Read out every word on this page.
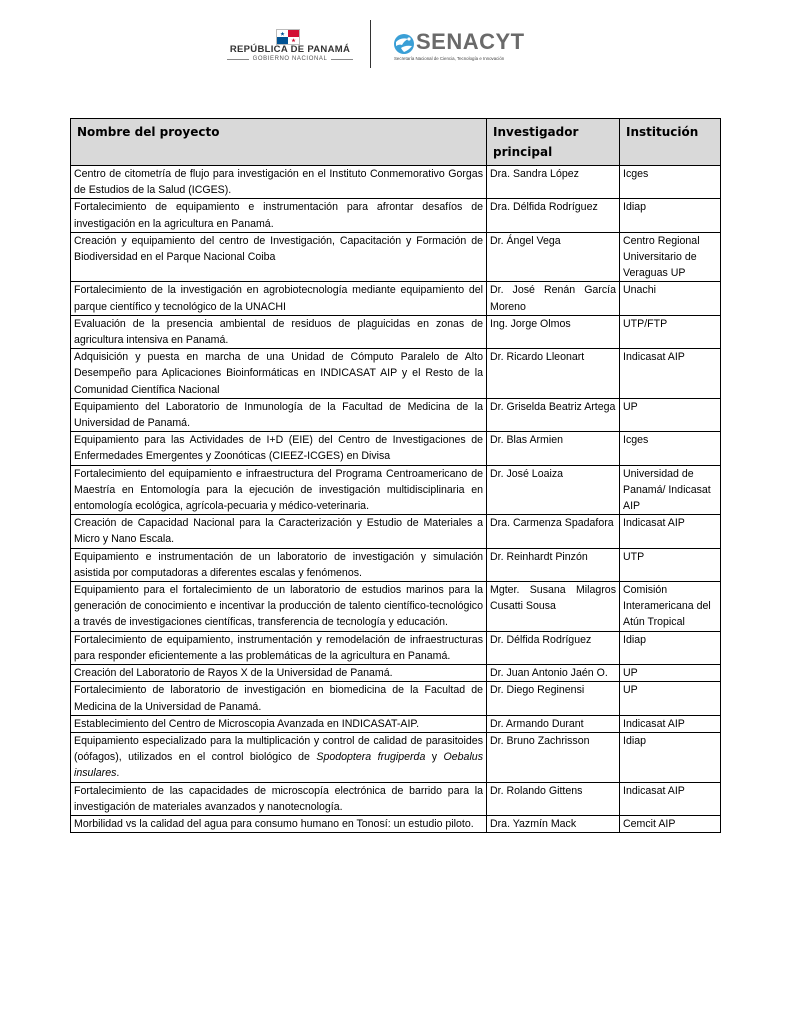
REPÚBLICA DE PANAMÁ
GOBIERNO NACIONAL
SENACYT
Secretaría Nacional de Ciencia, Tecnología e Innovación
Nombre del proyecto	Investigador principal	Institución
Centro de citometría de flujo para investigación en el Instituto Conmemorativo Gorgas de Estudios de la Salud (ICGES).	Dra. Sandra López	Icges
Fortalecimiento de equipamiento e instrumentación para afrontar desafíos de investigación en la agricultura en Panamá.	Dra. Délfida Rodríguez	Idiap
Creación y equipamiento del centro de Investigación, Capacitación y Formación de Biodiversidad en el Parque Nacional Coiba	Dr. Ángel Vega	Centro Regional Universitario de Veraguas UP
Fortalecimiento de la investigación en agrobiotecnología mediante equipamiento del parque científico y tecnológico de la UNACHI	Dr. José Renán García Moreno	Unachi
Evaluación de la presencia ambiental de residuos de plaguicidas en zonas de agricultura intensiva en Panamá.	Ing. Jorge Olmos	UTP/FTP
Adquisición y puesta en marcha de una Unidad de Cómputo Paralelo de Alto Desempeño para Aplicaciones Bioinformáticas en INDICASAT AIP y el Resto de la Comunidad Científica Nacional	Dr. Ricardo Lleonart	Indicasat AIP
Equipamiento del Laboratorio de Inmunología de la Facultad de Medicina de la Universidad de Panamá.	Dr. Griselda Beatriz Artega	UP
Equipamiento para las Actividades de I+D (EIE) del Centro de Investigaciones de Enfermedades Emergentes y Zoonóticas (CIEEZ-ICGES) en Divisa	Dr. Blas Armien	Icges
Fortalecimiento del equipamiento e infraestructura del Programa Centroamericano de Maestría en Entomología para la ejecución de investigación multidisciplinaria en entomología ecológica, agrícola-pecuaria y médico-veterinaria.	Dr. José Loaiza	Universidad de Panamá/ Indicasat AIP
Creación de Capacidad Nacional para la Caracterización y Estudio de Materiales a Micro y Nano Escala.	Dra. Carmenza Spadafora	Indicasat AIP
Equipamiento e instrumentación de un laboratorio de investigación y simulación asistida por computadoras a diferentes escalas y fenómenos.	Dr. Reinhardt Pinzón	UTP
Equipamiento para el fortalecimiento de un laboratorio de estudios marinos para la generación de conocimiento e incentivar la producción de talento científico-tecnológico a través de investigaciones científicas, transferencia de tecnología y educación.	Mgter. Susana Milagros Cusatti Sousa	Comisión Interamericana del Atún Tropical
Fortalecimiento de equipamiento, instrumentación y remodelación de infraestructuras para responder eficientemente a las problemáticas de la agricultura en Panamá.	Dr. Délfida Rodríguez	Idiap
Creación del Laboratorio de Rayos X de la Universidad de Panamá.	Dr. Juan Antonio Jaén O.	UP
Fortalecimiento de laboratorio de investigación en biomedicina de la Facultad de Medicina de la Universidad de Panamá.	Dr. Diego Reginensi	UP
Establecimiento del Centro de Microscopia Avanzada en INDICASAT-AIP.	Dr. Armando Durant	Indicasat AIP
Equipamiento especializado para la multiplicación y control de calidad de parasitoides (oófagos), utilizados en el control biológico de Spodoptera frugiperda y Oebalus insulares.	Dr. Bruno Zachrisson	Idiap
Fortalecimiento de las capacidades de microscopía electrónica de barrido para la investigación de materiales avanzados y nanotecnología.	Dr. Rolando Gittens	Indicasat AIP
Morbilidad vs la calidad del agua para consumo humano en Tonosí: un estudio piloto.	Dra. Yazmín Mack	Cemcit AIP
